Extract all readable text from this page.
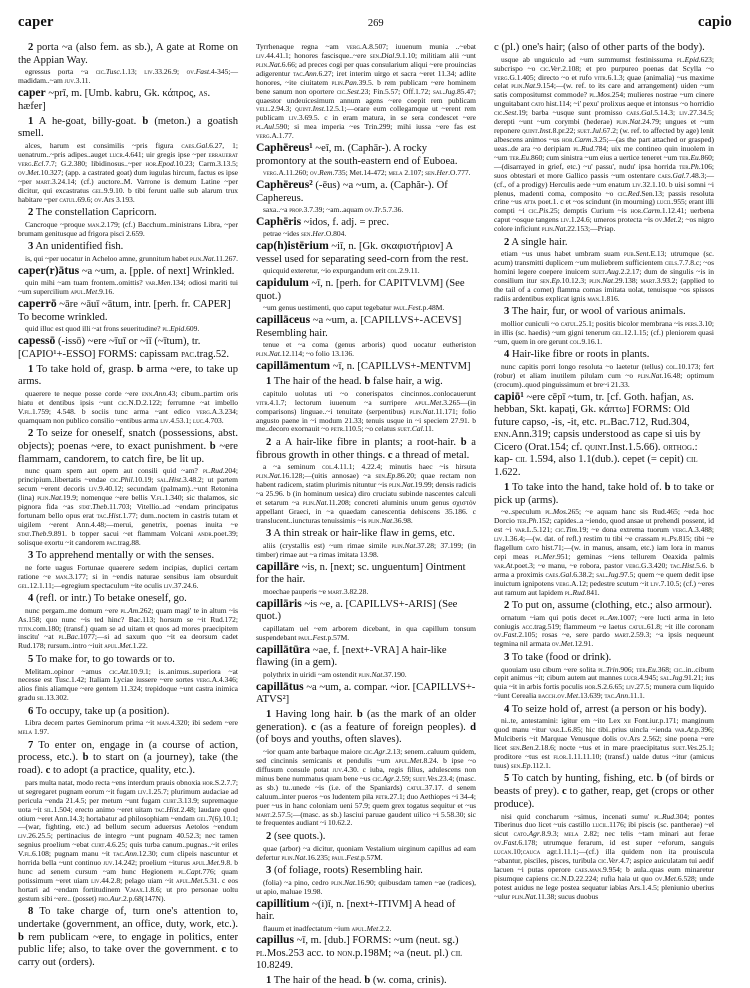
caper	269	capio
2 porta ~a (also fem. as sb.), A gate at Rome on the Appian Way.
egressus porta ~a cic.Tusc.1.13; liv.33.26.9; ov.Fast.4-345;—madidam..~am juv.3.11.
caper ~prī, m. [Umb. kabru, Gk. κάπρος, as. hæfer]
1 A he-goat, billy-goat. b (meton.) a goatish smell.
alces, harum est consimilis ~pris figura caes.Gal.6.27, 1; uenatrum..~pris adipes..auget lucr.4.641; uir gregis ipse ~per errauerat verg.Ecl.7.7; G.2.380; libidinosus..~per hor.Epod.10.23; Carm.3.13.5; ov.Met.10.327; (app. a castrated goat) dum iugulas hircum, factus es ipse ~per mart.3.24.14; (cf.) auctore..M. Varrone is demum Latine ~per dicitur, qui excastratus gel.9.9.10. b tibi ferunt ualle sub alarum trux habitare ~per catul.69.6; ov.Ars 3.193.
2 The constellation Capricorn.
Cancroque ~proque man.2.179; (cf.) Bacchum..ministrans Libra, ~per brumam genitusque ad frigora pisci 2.659.
3 An unidentified fish.
is, qui ~per uocatur in Acheloo amne, grunnitum habet plin.Nat.11.267.
caper(r)ātus ~a ~um, a. [pple. of next] Wrinkled.
quin mihi ~am tuam frontem..omittis? var.Men.134; odiosi mariti tui ~um supercilium apul.Met.9.16.
caperrō ~āre ~āuī ~ātum, intr. [perh. fr. CAPER] To become wrinkled.
quid illuc est quod illi ~at frons seueritudine? pl.Epid.609.
capessō (-issō) ~ere ~īuī or ~iī (~ītum), tr. [CAPIO¹+-ESSO] FORMS: capissam pac.trag.52.
1 To take hold of, grasp. b arma ~ere, to take up arms.
quaerere te neque posse corde ~ere enn.Ann.43; cibum..partim oris hiatu et dentibus ipsis ~unt cic.N.D.2.122; ferrumne ~at imbello V.fl.1.759; 4.548. b sociis tunc arma ~ant edico verg.A.3.234; quamquam non publico consilio ~entibus arma liv.4.53.1; luc.4.703.
2 To seize for oneself, snatch (possessions, abst. objects); poenas ~ere, to exact punishment. b ~ere flammam, candorem, to catch fire, be lit up.
nunc quam spem aut opem aut consili quid ~am? pl.Rud.204; principium..libertatis ~endae cic.Phil.10.19; sal.Hist.3.48.2; ut partem secum ~erent decoris liv.9.40.12; secundam (palmam)..~unt Retonina (lina) plin.Nat.19.9; nomenque ~ere bellis V.fl.1.340; sic thalamos, sic pignora fida ~as stat.Theb.11.703; Vitellio..ad ~endam principatus fortunam bello opus erat tac.Hist.1.77; dum..noctem in castris tutam et uigilem ~erent Ann.4.48;—merui, genetrix, poenas inuita ~e stat.Theb.9.891. b topper sacui ~et flammam Volcani andr.poet.39; solisque exortu ~it candorem pac.trag.88.
3 To apprehend mentally or with the senses.
ne forte uagus Fortunae quaerere sedem incipias, duplici certam ratione ~e man.3.177; si in ~endis naturae sensibus iam obsurduit gel.12.1.11;—egregium spectaculum ~ite oculis liv.37.24.6.
4 (refl. or intr.) To betake oneself, go.
nunc pergam..me domum ~ere pl.Am.262; quam magi' te in altum ~is As.158; quo nunc ~is ted hinc? Bac.113; horsum se ~it Rud.172; titin.com.180; (transf.) quam se ad uitam et quos ad mores praecipitem inscitu' ~at pl.Bac.1077;—si ad saxum quo ~it ea deorsum cadet Rud.178; rursum..intro ~iuit apul.Met.1.22.
5 To make for, to go towards or to.
Melitam..opinor ~amus cic.Att.10.9.1; is..animus..superiora ~at necesse est Tusc.1.42; Italiam Lyciae iussere ~ere sortes verg.A.4.346; alios finis aliamque ~ere gentem 11.324; trepidoque ~unt castra inimica gradu sil.13.302.
6 To occupy, take up (a position).
Libra decem partes Geminorum prima ~it man.4.320; ibi sedem ~ere mela 1.97.
7 To enter on, engage in (a course of action, process, etc.). b to start on (a journey), take (the road). c to adopt (a practice, quality, etc.).
pars multa natat, modo recta ~ens interdum prauis obnoxia hor.S.2.7.7; ut segregaret pugnam eorum ~it fugam liv.1.25.7; plurimum audaciae ad pericula ~enda 21.4.5; per metum ~unt fugam curt.3.13.9; supremaque uota ~it sil.1.504; erecto animo ~eret uitam tac.Hist.2.48; laudare quod otium ~eret Ann.14.3; hortabatur ad philosophiam ~endam gel.7(6).10.1;—(war, fighting, etc.) ad bellum secum aduersus Aetolos ~endum liv.26.25.5; pertinacius de integro ~unt pugnam 40.52.3; nec tamen segnius proelium ~ebat curt.4.6.25; quis turba canum..pugnas..~it eriles V.fl.6.108; pugnam manu ~it tac.Ann.12.30; cum clipeis nascuntur et horrida bella ~unt continuo juv.14.242; proelium ~iturus apul.Met.9.8. b hunc ad senem cursum ~am hunc Hegionem pl.Capt.776; quam potissimum ~eret uiam liv.44.2.8; pelago uiam ~it apul.Met.5.31. c eos hortari ad ~endam fortitudinem V.max.1.8.6; ut pro personae uoltu gestum sibi ~ere.. (posset) fro.Aur.2.p.68(147N).
8 To take charge of, turn one's attention to, undertake (government, an office, duty, work, etc.). b rem publicam ~ere, to engage in politics, enter public life; also, to take over the government. c to carry out (orders).
Tyrrhenaque regna ~am verg.A.8.507; iuuenum munia ..~ebat liv.44.41.1; honores fascisque..~ere sen.Dial.9.1.10; militiam alii ~unt plin.Nat.6.66; ad preces cogi per quas consularium aliqui ~ere prouincias adigerentur tac.Ann.6.27; iret interim uirgo et sacra ~eret 11.34; adlite honores, ~ite ciuitatem plin.Pan.39.5. b rem publicam ~ere hominem bene sanum non oportere cic.Sest.23; Fin.5.57; Off.1.72; sal.Jug.85.47; quaestor undeuicesimum annum agens ~ere coepit rem publicam vell.2.94.3; quint.Inst.12.5.1;—orare eum collegamque ut ~erent rem publicam liv.3.69.5. c in eram matura, in se sera condescet ~ere pl.Aul.590; si mea imperia ~es Trin.299; mihi iussa ~ere fas est verg.A.1.77.
Caphēreus¹ ~eī, m. (Caphār-). A rocky promontory at the south-eastern end of Euboea.
verg.A.11.260; ov.Rem.735; Met.14-472; mela 2.107; sen.Her.O.777.
Caphēreus² (-ēus) ~a ~um, a. (Caphăr-). Of Caphereus.
saxa..~a prop.3.7.39; ~am..aquam ov.Tr.5.7.36.
Caphēris ~idos, f. adj. = prec.
petrae ~ides sen.Her.O.804.
cap(h)istērium ~iī, n. [Gk. σκαφιστήριον] A vessel used for separating seed-corn from the rest.
quicquid exteretur, ~io expurgandum erit col.2.9.11.
capidulum ~ī, n. [perh. for CAPITVLVM] (See quot.)
~um genus uestimenti, quo caput tegebatur paul.Fest.p.48M.
capillāceus ~a ~um, a. [CAPILLVS+-ACEVS] Resembling hair.
tenue et ~a coma (genus arboris) quod uocatur eutheriston plin.Nat.12.114; ~o folio 13.136.
capillāmentum ~ī, n. [CAPILLVS+-MENTVM]
1 The hair of the head. b false hair, a wig.
capitulo uolutas uti ~o conerispatos cincinnos..conlocauerunt vitr.4.1.7; lectorum iuuenum ~a surripere apul.Met.3.265—(in comparisons) linguae..~i tenuitate (serpentibus) plin.Nat.11.171; folio angusto paene in ~i modum 21.33; tenuis usque in ~i speciem 27.91. b me..decoro exornauit ~o petr.110.5; ~o celatus suet.Cal.11.
2 a A hair-like fibre in plants; a root-hair. b a fibrous growth in other things. c a thread of metal.
a ~a seminum col.4.11.1; 4.22.4; minutis haec ~is hirsuta plin.Nat.16.128;—(uitis annosae) ~a sen.Ep.86.20; quae rectam non habent radicem, statim plurimis nituntur ~is plin.Nat.19.99; densis radicis ~a 25.96. b (in hominum uesica) diro cruciatu subinde nascentes calculi et setarum ~a plin.Nat.11.208; concreti aluminis unum genus σχιστόν appellant Graeci, in ~a quaedam canescentia dehiscens 35.186. c translucent..iuncturas tenuissimis ~is plin.Nat.36.98.
3 A thin streak or hair-like flaw in gems, etc.
aliis (crystallis est) ~um rimae simile plin.Nat.37.28; 37.199; (in timber) rimae aut ~a rimas imitata 13.98.
capillāre ~is, n. [next; sc. unguentum] Ointment for the hair.
moechae pauperis ~e mart.3.82.28.
capillāris ~is ~e, a. [CAPILLVS+-ARIS] (See quot.)
capillatam uel ~em arborem dicebant, in qua capillum tonsum suspendebant paul.Fest.p.57M.
capillātūra ~ae, f. [next+-VRA] A hair-like flawing (in a gem).
polythrix in uiridi ~am ostendit plin.Nat.37.190.
capillātus ~a ~um, a. compar. ~ior. [CAPILLVS+-ATVS²]
1 Having long hair. b (as the mark of an older generation). c (as a feature of foreign peoples). d (of boys and youths, often slaves).
~ior quam ante barbaque maiore cic.Agr.2.13; senem..caluum quidem, sed cincinnis semicanis et pendulis ~um apul.Met.8.24. b ipse ~o diffusum consule potat juv.4.30. c iuba, regis filius, adulescens non minus bene nummatus quam bene ~us cic.Agr.2.59; suet.Ves.23.4; (masc. as sb.) tu..unede ~is (i.e. of the Spaniards) catul.37.17. d senem caluum..inter pueros ~os ludentem pila petr.27.1; duo Aethiopes ~i 34-4; puer ~us in hanc coloniam ueni 57.9; quem grex togatus sequitur et ~us mart.2.57.5;—(masc. as sb.) lasciui paruae gaudent uilico ~i 5.58.30; sic te frequentes audiant ~i 10.62.2.
2 (see quots.).
quae (arbor) ~a dicitur, quoniam Vestalium uirginum capillus ad eam defertur plin.Nat.16.235; paul.Fest.p.57M.
3 (of foliage, roots) Resembling hair.
(folia) ~a pino, cedro plin.Nat.16.90; quibusdam tamen ~ae (radices), ut apio, maluae 19.98.
capillitium ~(i)ī, n. [next+-ITIVM] A head of hair.
flauum et inadfectatum ~ium apul.Met.2.2.
capillus ~ī, m. [dub.] FORMS: ~um (neut. sg.) pl.Mos.253 acc. to non.p.198M; ~a (neut. pl.) cil 10.8249.
1 The hair of the head. b (w. coma, crinis).
c (pl.) one's hair; (also of other parts of the body).
usque ab unguiculo ad ~um summumst festinissuma pl.Epid.623; subcrispo ~o cic.Ver.2.108; et pro purpureo poenas dat Scylla ~o verg.G.1.405; directo ~o et rufo vitr.6.1.3; quae (animalia) ~us maxime celat plin.Nat.9.154;—(w. ref. to its care and arrangement) uiden ~um satis compositumst commode? pl.Mos.254; mulieres nostrae ~um cinere unguitabant cato hist.114; ~i' pexu' prolixus aeque et intonsus ~o horridio cic.Sest.19; barba ~usque sunt promisso caes.Gal.5.14.3; liv.27.34.5; derepti ~unt ~um corymbi (hederae) plin.Nat.24.79; ungues et ~um reponere quint.Inst.8.pr.22; suet.Jul.67.2; (w. ref. to affected by age) lenit albescens animos ~us hor.Carm.3.25;—(as the part attached or grasped) ueas..de ara ~o deripiam pl.Rud.784; uix me contineo quin inuolem in ~um ter.Eu.860; cum sinistra ~um eius a uertice teneret ~um ter.Eu.860;—(disarrayed in grief, etc.) ~u' passu', nudu' ipsa horrida ter.Ph.106; suos obtestari et more Gallico passis ~um ostentare caes.Gal.7.48.3;—(cf., of a prodigy) Herculis aede ~um enatum liv.32.1.10. b uisi somni ~i plenus, madenti coma, composito ~o cic.Red.Sen.13; passis resoluta crine ~us atta poet.1. c et ~os scindunt (in mourning) lucil.955; erant illi compti ~i cic.Pis.25; demptis Curium ~is hor.Carm.1.12.41; uerbena caput ~osque tangens liv.1.24.6; umeros protecta ~is ov.Met.2; ~os nigro colore inficiunt plin.Nat.22.153;—Priap.
2 A single hair.
etiam ~us unus habet umbram suam pub.Sent.E.13; utrumque (sc. acum) transmitti duplicem ~um muliebrem sufficientem cels.7.7.8.c; ~os homini legere coepere inuicem suet.Aug.2.2.17; dum de singulis ~is in consilium itur sen.Ep.10.12.3; plin.Nat.29.138; mart.3.93.2; (applied to the tail of a comet) flamma comas imitata uolat, tenuisque ~os spissos radiis ardentibus explicat ignis man.1.816.
3 The hair, fur, or wool of various animals.
mollior cuniculi ~o catul.25.1; positis bicolor membrana ~is pers.3.10; in illis (sc. haedis) ~um gigni tenerum gel.12.1.15; (cf.) pleniorem quasi ~um, quem in ore gerunt col.9.16.1.
4 Hair-like fibre or roots in plants.
nunc capitis porri longo resoluta ~o laetetur (tellus) col.10.173; fert (robur) et aliam inutilem pilulam cum ~o plin.Nat.16.48; optimum (crocum)..quod pinguissimum et bre~i 21.33.
capiō¹ ~ere cēpī ~tum, tr. [cf. Goth. hafjan, as. hebban, Skt. kapaṭi, Gk. κάπτω] FORMS: Old future capso, -is, -it, etc. pl.Bac.712, Rud.304, enn.Ann.319; capsis understood as cape si uis by Cicero (Orat.154; cf. quint.Inst.1.5.66). orthog.: kap- cil 1.594, also 1.1(dub.). cepet (= cepit) cil 1.622.
1 To take into the hand, take hold of. b to take or pick up (arms).
~e..speculum pl.Mos.265; ~e aquam hanc sis Rud.465; ~eda hoc Dorcio ter.Ph.152; capides..a ~iendo, quod ansae ut prehendi possent, id est ~i var.L.5.121; cic.Tim.19; ~e dona extrema tuorum verg.A.3.488; liv.1.36.4;—(w. dat. of refl.) restim tu tibi ~e crassam pl.Ps.815; tibi ~e flagellum cato hist.71;—(w. in manus, ansam, etc.) iam lora in manus cepi meas pl.Mer.951; geminas ~iens tellurem Oeaxida palmis var.At.poet.3; ~e manu, ~e robora, pastor verg.G.3.420; tac.Hist.5.6. b arma a proximis caes.Gal.6.38.2; sal.Jug.97.5; quem ~e quem dedit ipse inuictum ignipotens verg.A.12; pedestre scutum ~it liv.7.10.5; (cf.) ~eres aut ramum aut lapidem pl.Rud.841.
2 To put on, assume (clothing, etc.; also armour).
ornatum ~iam qui potis decet pl.Am.1007; ~ere lucti arma in leto coniugis acc.trag.519; flammeum ~e laetus catul.61.8; ~it ille coronam ov.Fast.2.105; rosas ~e, sere pardo mart.2.59.3; ~a ipsis nequeunt tegmina nil armata ov.Met.12.91.
3 To take (food or drink).
quouiam usu cibum ~ere solita pl.Trin.906; ter.Eu.368; cic..in..cibum cepit animus ~it; cibum autem aut mannes lucr.4.945; sal.Jug.91.21; ius quia ~it in arbis fortis poculis hor.S.2.6.65; liv.27.5; munera cum liquido ~iunt Cerealia bacch.ov.Met.13.639; tac.Ann.11.1.
4 To seize hold of, arrest (a person or his body).
ni..te, antestamini: igitur em ~ito Lex xii Font.iur.p.171; manginum quod manu ~itur var.L.6.85; hic tibi..prius uincla ~ienda var.At.p.396; Mulciberis ~it Marquae Venusque dolis ov.Ars 2.562; sine poena ~ere licet sen.Ben.2.18.6; nocte ~tus et in mare praecipitatus suet.Ves.25.1; proditore ~tus est flor.1.11.11.10; (transf.) ualde dutus ~itur (amicus tuus) sen.Ep.112.1.
5 To catch by hunting, fishing, etc. b (of birds or beasts of prey). c to gather, reap, get (crops or other produce).
nisi quid concharum ~simus, incenati sumu' pl.Rud.304; pontes Tiberinus duo licet ~uis castillo lucil.1176; ibi piscis (sc. pantherae) ~el sicut cato.Agr.8.9.3; mela 2.82; nec telis ~tam minari aut ferae ov.Fast.6.178; utrumque ferarum, id est super ~eforum, sanguis lucan.10;cauca agr.1.11.1;—(cf.) illa quidem non ita prouiscula ~abantur, pisciles, pisces, turibula cic.Ver.4.7; aspice auiculatam tui aedif lacuen ~i putas operore caes.man.9.954; b aula..quas eum minaretur pisumque capiens cic.N.D.22.224; rufia haia ut quo ov.Met.6.528; unde potest auidus ne lege postea sequatur iabias Ars.1.4.5; pleniunio uberius ~ulur plin.Nat.11.38; sucus duobus
